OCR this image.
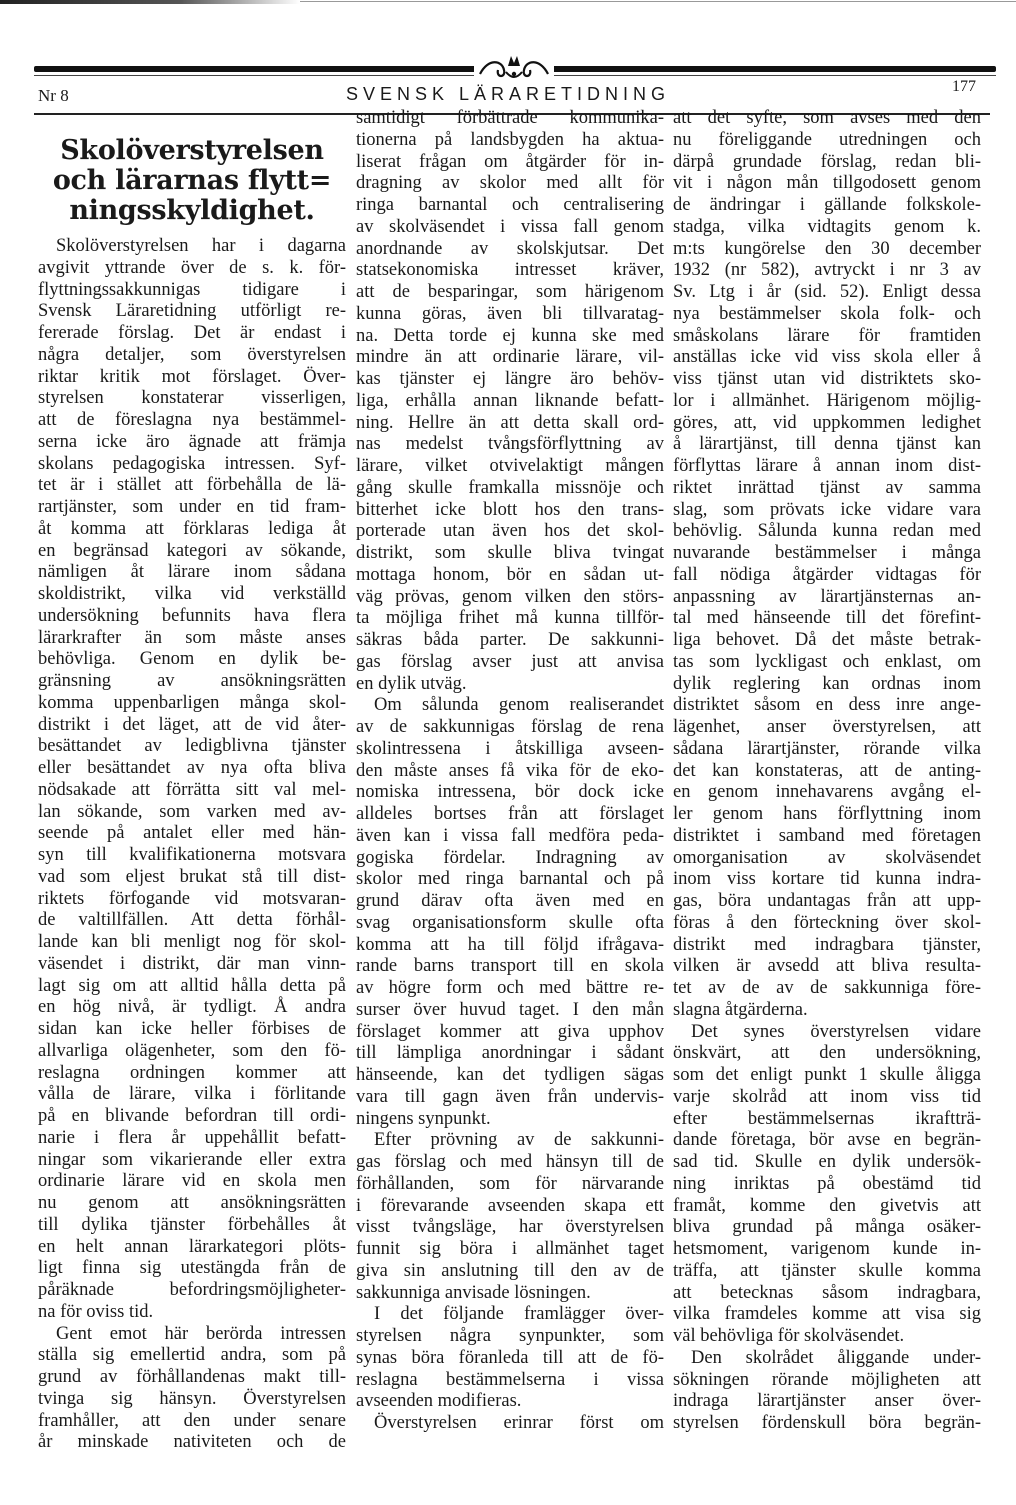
Nr 8	SVENSK LÄRARETIDNING	177
Skolöverstyrelsen
och lärarnas flytt=
ningsskyldighet.
Skolöverstyrelsen har i dagarna
avgivit yttrande över de s. k. för-
flyttningssakkunnigas tidigare i
Svensk Läraretidning utförligt re-
fererade förslag. Det är endast i
några detaljer, som överstyrelsen
riktar kritik mot förslaget. Över-
styrelsen konstaterar visserligen,
att de föreslagna nya bestämmel-
serna icke äro ägnade att främja
skolans pedagogiska intressen. Syf-
tet är i stället att förbehålla de lä-
rartjänster, som under en tid fram-
åt komma att förklaras lediga åt
en begränsad kategori av sökande,
nämligen åt lärare inom sådana
skoldistrikt, vilka vid verkställd
undersökning befunnits hava flera
lärarkrafter än som måste anses
behövliga. Genom en dylik be-
gränsning av ansökningsrätten
komma uppenbarligen många skol-
distrikt i det läget, att de vid åter-
besättandet av ledigblivna tjänster
eller besättandet av nya ofta bliva
nödsakade att förrätta sitt val mel-
lan sökande, som varken med av-
seende på antalet eller med hän-
syn till kvalifikationerna motsvara
vad som eljest brukat stå till dist-
riktets förfogande vid motsvaran-
de valtillfällen. Att detta förhål-
lande kan bli menligt nog för skol-
väsendet i distrikt, där man vinn-
lagt sig om att alltid hålla detta på
en hög nivå, är tydligt. Å andra
sidan kan icke heller förbises de
allvarliga olägenheter, som den fö-
reslagna ordningen kommer att
vålla de lärare, vilka i förlitande
på en blivande befordran till ordi-
narie i flera år uppehållit befatt-
ningar som vikarierande eller extra
ordinarie lärare vid en skola men
nu genom att ansökningsrätten
till dylika tjänster förbehålles åt
en helt annan lärarkategori plöts-
ligt finna sig utestängda från de
påräknade befordringsmöjligheter-
na för oviss tid.
Gent emot här berörda intressen
ställa sig emellertid andra, som på
grund av förhållandenas makt till-
tvinga sig hänsyn. Överstyrelsen
framhåller, att den under senare
år minskade nativiteten och de
samtidigt förbättrade kommunika-
tionerna på landsbygden ha aktua-
liserat frågan om åtgärder för in-
dragning av skolor med allt för
ringa barnantal och centralisering
av skolväsendet i vissa fall genom
anordnande av skolskjutsar. Det
statsekonomiska intresset kräver,
att de besparingar, som härigenom
kunna göras, även bli tillvaratag-
na. Detta torde ej kunna ske med
mindre än att ordinarie lärare, vil-
kas tjänster ej längre äro behöv-
liga, erhålla annan liknande befatt-
ning. Hellre än att detta skall ord-
nas medelst tvångsförflyttning av
lärare, vilket otvivelaktigt mången
gång skulle framkalla missnöje och
bitterhet icke blott hos den trans-
porterade utan även hos det skol-
distrikt, som skulle bliva tvingat
mottaga honom, bör en sådan ut-
väg prövas, genom vilken den störs-
ta möjliga frihet må kunna tillför-
säkras båda parter. De sakkunni-
gas förslag avser just att anvisa
en dylik utväg.
Om sålunda genom realiserandet
av de sakkunnigas förslag de rena
skolintressena i åtskilliga avseen-
den måste anses få vika för de eko-
nomiska intressena, bör dock icke
alldeles bortses från att förslaget
även kan i vissa fall medföra peda-
gogiska fördelar. Indragning av
skolor med ringa barnantal och på
grund därav ofta även med en
svag organisationsform skulle ofta
komma att ha till följd ifrågava-
rande barns transport till en skola
av högre form och med bättre re-
surser över huvud taget. I den mån
förslaget kommer att giva upphov
till lämpliga anordningar i sådant
hänseende, kan det tydligen sägas
vara till gagn även från undervis-
ningens synpunkt.
Efter prövning av de sakkunni-
gas förslag och med hänsyn till de
förhållanden, som för närvarande
i förevarande avseenden skapa ett
visst tvångsläge, har överstyrelsen
funnit sig böra i allmänhet taget
giva sin anslutning till den av de
sakkunniga anvisade lösningen.
I det följande framlägger över-
styrelsen några synpunkter, som
synas böra föranleda till att de fö-
reslagna bestämmelserna i vissa
avseenden modifieras.
Överstyrelsen erinrar först om
att det syfte, som avses med den
nu föreliggande utredningen och
därpå grundade förslag, redan bli-
vit i någon mån tillgodosett genom
de ändringar i gällande folkskole-
stadga, vilka vidtagits genom k.
m:ts kungörelse den 30 december
1932 (nr 582), avtryckt i nr 3 av
Sv. Ltg i år (sid. 52). Enligt dessa
nya bestämmelser skola folk- och
småskolans lärare för framtiden
anställas icke vid viss skola eller å
viss tjänst utan vid distriktets sko-
lor i allmänhet. Härigenom möjlig-
göres, att, vid uppkommen ledighet
å lärartjänst, till denna tjänst kan
förflyttas lärare å annan inom dist-
riktet inrättad tjänst av samma
slag, som prövats icke vidare vara
behövlig. Sålunda kunna redan med
nuvarande bestämmelser i många
fall nödiga åtgärder vidtagas för
anpassning av lärartjänsternas an-
tal med hänseende till det förefint-
liga behovet. Då det måste betrak-
tas som lyckligast och enklast, om
dylik reglering kan ordnas inom
distriktet såsom en dess inre ange-
lägenhet, anser överstyrelsen, att
sådana lärartjänster, rörande vilka
det kan konstateras, att de anting-
en genom innehavarens avgång el-
ler genom hans förflyttning inom
distriktet i samband med företagen
omorganisation av skolväsendet
inom viss kortare tid kunna indra-
gas, böra undantagas från att upp-
föras å den förteckning över skol-
distrikt med indragbara tjänster,
vilken är avsedd att bliva resulta-
tet av de av de sakkunniga före-
slagna åtgärderna.
Det synes överstyrelsen vidare
önskvärt, att den undersökning,
som det enligt punkt 1 skulle åligga
varje skolråd att inom viss tid
efter bestämmelsernas ikraftträ-
dande företaga, bör avse en begrän-
sad tid. Skulle en dylik undersök-
ning inriktas på obestämd tid
framåt, komme den givetvis att
bliva grundad på många osäker-
hetsmoment, varigenom kunde in-
träffa, att tjänster skulle komma
att betecknas såsom indragbara,
vilka framdeles komme att visa sig
väl behövliga för skolväsendet.
Den skolrådet åliggande under-
sökningen rörande möjligheten att
indraga lärartjänster anser över-
styrelsen fördenskull böra begrän-
